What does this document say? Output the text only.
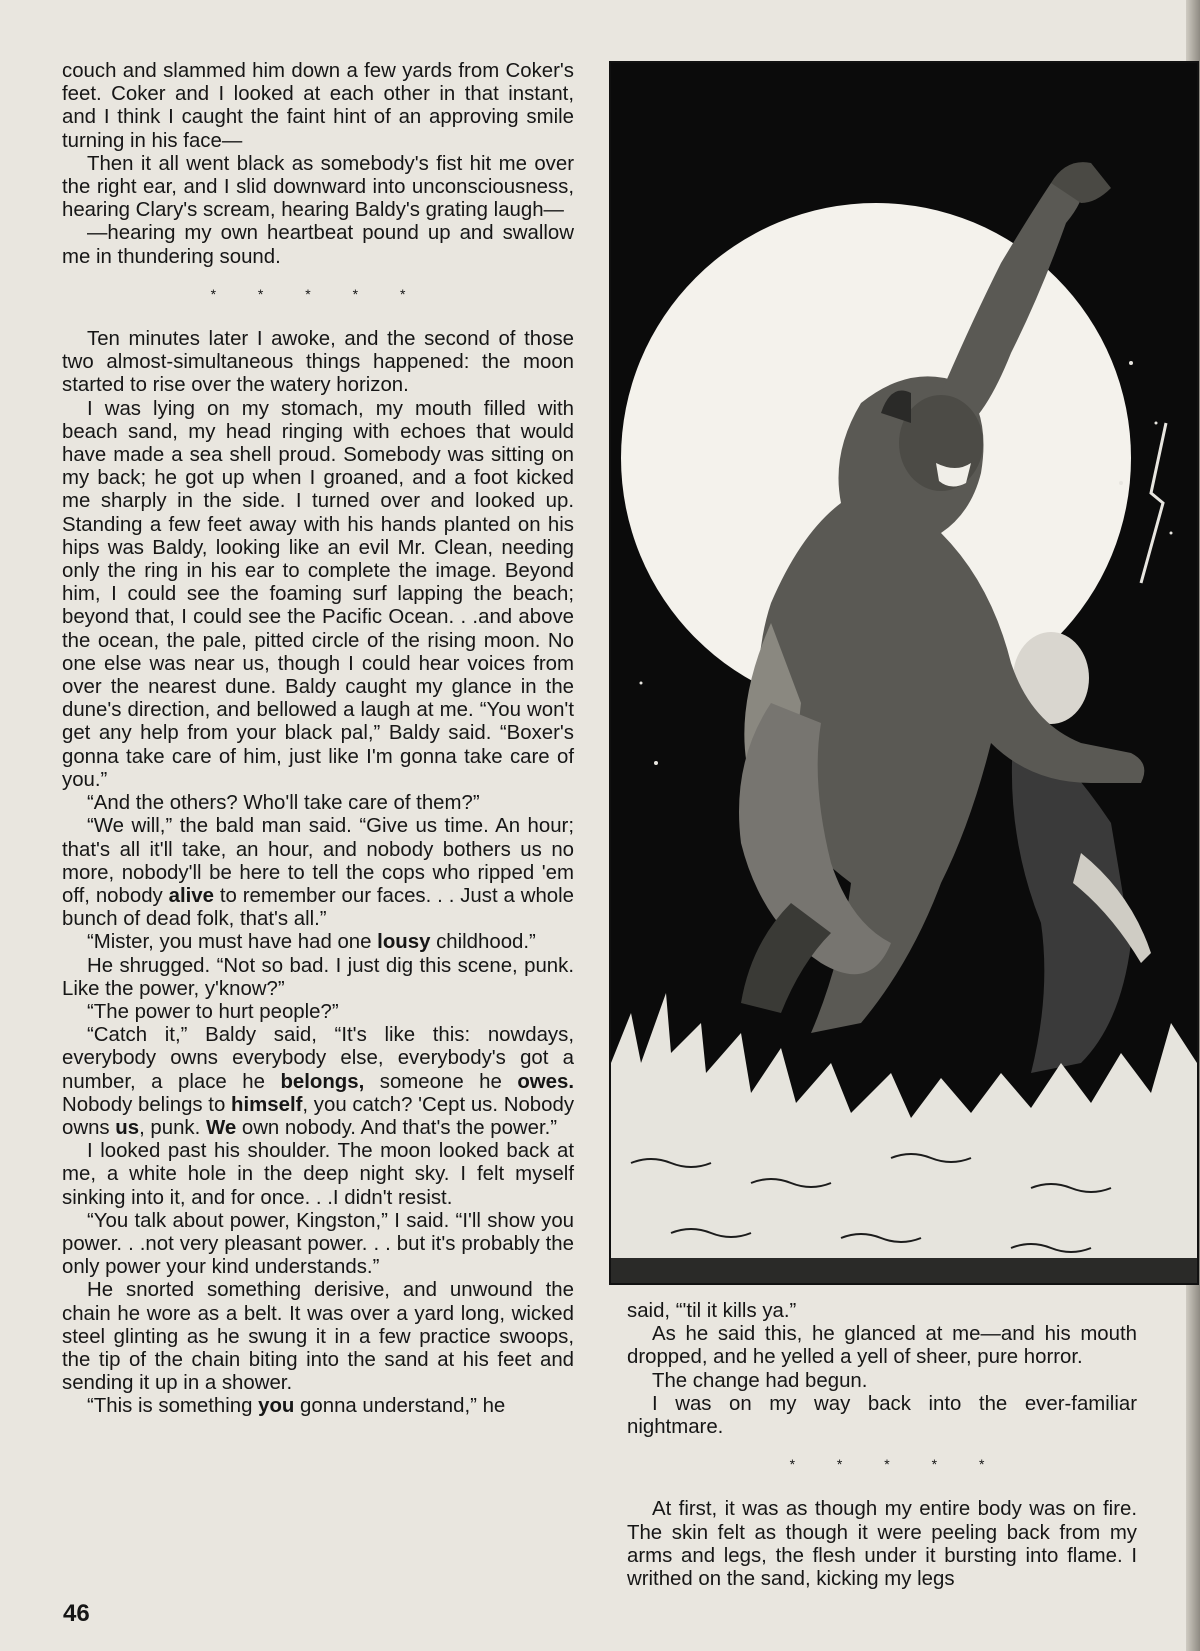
couch and slammed him down a few yards from Coker's feet. Coker and I looked at each other in that instant, and I think I caught the faint hint of an approving smile turning in his face—

Then it all went black as somebody's fist hit me over the right ear, and I slid downward into unconsciousness, hearing Clary's scream, hearing Baldy's grating laugh—

—hearing my own heartbeat pound up and swallow me in thundering sound.

* * * * *

Ten minutes later I awoke, and the second of those two almost-simultaneous things happened: the moon started to rise over the watery horizon.

I was lying on my stomach, my mouth filled with beach sand, my head ringing with echoes that would have made a sea shell proud. Somebody was sitting on my back; he got up when I groaned, and a foot kicked me sharply in the side. I turned over and looked up. Standing a few feet away with his hands planted on his hips was Baldy, looking like an evil Mr. Clean, needing only the ring in his ear to complete the image. Beyond him, I could see the foaming surf lapping the beach; beyond that, I could see the Pacific Ocean. . .and above the ocean, the pale, pitted circle of the rising moon. No one else was near us, though I could hear voices from over the nearest dune. Baldy caught my glance in the dune's direction, and bellowed a laugh at me. “You won't get any help from your black pal,” Baldy said. “Boxer's gonna take care of him, just like I'm gonna take care of you.”

“And the others? Who'll take care of them?”

“We will,” the bald man said. “Give us time. An hour; that's all it'll take, an hour, and nobody bothers us no more, nobody'll be here to tell the cops who ripped 'em off, nobody alive to remember our faces. . . Just a whole bunch of dead folk, that's all.”

“Mister, you must have had one lousy childhood.”

He shrugged. “Not so bad. I just dig this scene, punk. Like the power, y'know?”

“The power to hurt people?”

“Catch it,” Baldy said, “It's like this: nowdays, everybody owns everybody else, everybody's got a number, a place he belongs, someone he owes. Nobody belings to himself, you catch? 'Cept us. Nobody owns us, punk. We own nobody. And that's the power.”

I looked past his shoulder. The moon looked back at me, a white hole in the deep night sky. I felt myself sinking into it, and for once. . .I didn't resist.

“You talk about power, Kingston,” I said. “I'll show you power. . .not very pleasant power. . . but it's probably the only power your kind understands.”

He snorted something derisive, and unwound the chain he wore as a belt. It was over a yard long, wicked steel glinting as he swung it in a few practice swoops, the tip of the chain biting into the sand at his feet and sending it up in a shower.

“This is something you gonna understand,” he

said, “'til it kills ya.”

As he said this, he glanced at me—and his mouth dropped, and he yelled a yell of sheer, pure horror.

The change had begun.

I was on my way back into the ever-familiar nightmare.

* * * * *

At first, it was as though my entire body was on fire. The skin felt as though it were peeling back from my arms and legs, the flesh under it bursting into flame. I writhed on the sand, kicking my legs

46
